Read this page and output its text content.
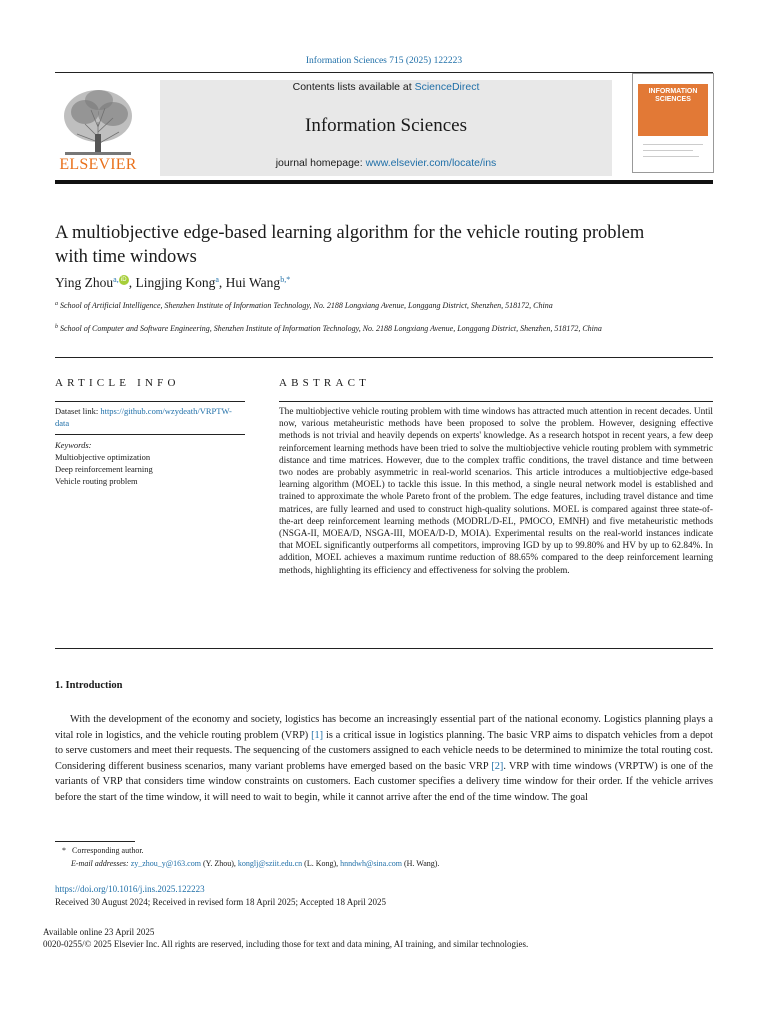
Information Sciences 715 (2025) 122223
ELSEVIER
Contents lists available at ScienceDirect
Information Sciences
journal homepage: www.elsevier.com/locate/ins
INFORMATION SCIENCES
A multiobjective edge-based learning algorithm for the vehicle routing problem with time windows
Ying Zhou$^{a,}$ iD , Lingjing Kong$^a$, Hui Wang$^{b,*}$
$^a$ School of Artificial Intelligence, Shenzhen Institute of Information Technology, No. 2188 Longxiang Avenue, Longgang District, Shenzhen, 518172, China
$^b$ School of Computer and Software Engineering, Shenzhen Institute of Information Technology, No. 2188 Longxiang Avenue, Longgang District, Shenzhen, 518172, China
ARTICLE INFO
Dataset link: https://github.com/wzydeath/VRPTW-data
Keywords:
Multiobjective optimization
Deep reinforcement learning
Vehicle routing problem
ABSTRACT
The multiobjective vehicle routing problem with time windows has attracted much attention in recent decades. Until now, various metaheuristic methods have been proposed to solve the problem. However, designing effective methods is not trivial and heavily depends on experts' knowledge. As a research hotspot in recent years, a few deep reinforcement learning methods have been tried to solve the multiobjective vehicle routing problem with symmetric distance and time matrices. However, due to the complex traffic conditions, the travel distance and time between two nodes are probably asymmetric in real-world scenarios. This article introduces a multiobjective edge-based learning algorithm (MOEL) to tackle this issue. In this method, a single neural network model is established and trained to approximate the whole Pareto front of the problem. The edge features, including travel distance and time matrices, are fully learned and used to construct high-quality solutions. MOEL is compared against three state-of-the-art deep reinforcement learning methods (MODRL/D-EL, PMOCO, EMNH) and five metaheuristic methods (NSGA-II, MOEA/D, NSGA-III, MOEA/D-D, MOIA). Experimental results on the real-world instances indicate that MOEL significantly outperforms all competitors, improving IGD by up to 99.80% and HV by up to 62.84%. In addition, MOEL achieves a maximum runtime reduction of 88.65% compared to the deep reinforcement learning methods, highlighting its efficiency and effectiveness for solving the problem.
1. Introduction
With the development of the economy and society, logistics has become an increasingly essential part of the national economy. Logistics planning plays a vital role in logistics, and the vehicle routing problem (VRP) [1] is a critical issue in logistics planning. The basic VRP aims to dispatch vehicles from a depot to serve customers and meet their requests. The sequencing of the customers assigned to each vehicle needs to be determined to minimize the total routing cost. Considering different business scenarios, many variant problems have emerged based on the basic VRP [2]. VRP with time windows (VRPTW) is one of the variants of VRP that considers time window constraints on customers. Each customer specifies a delivery time window for their order. If the vehicle arrives before the start of the time window, it will need to wait to begin, while it cannot arrive after the end of the time window. The goal
* Corresponding author.
E-mail addresses: zy_zhou_y@163.com (Y. Zhou), konglj@sziit.edu.cn (L. Kong), hnndwh@sina.com (H. Wang).
https://doi.org/10.1016/j.ins.2025.122223
Received 30 August 2024; Received in revised form 18 April 2025; Accepted 18 April 2025
Available online 23 April 2025
0020-0255/© 2025 Elsevier Inc. All rights are reserved, including those for text and data mining, AI training, and similar technologies.
